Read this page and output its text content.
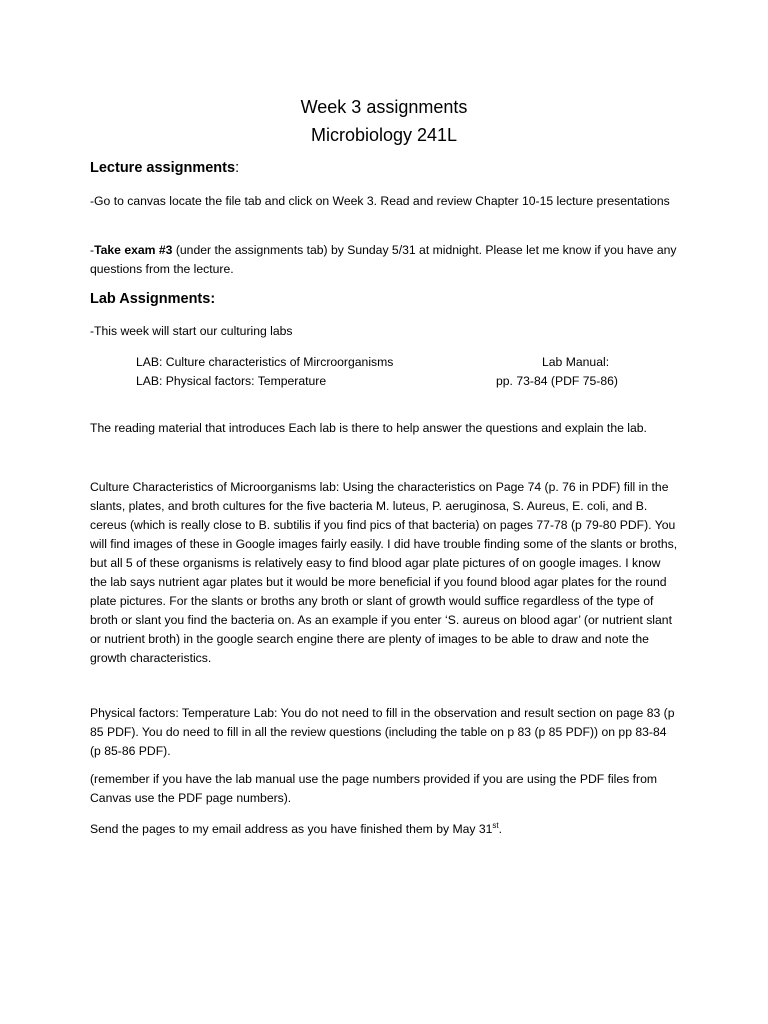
Week 3 assignments
Microbiology 241L
Lecture assignments:
-Go to canvas locate the file tab and click on Week 3. Read and review Chapter 10-15 lecture presentations
-Take exam #3 (under the assignments tab) by Sunday 5/31 at midnight. Please let me know if you have any questions from the lecture.
Lab Assignments:
-This week will start our culturing labs
LAB: Culture characteristics of Mircroorganisms	Lab Manual:
LAB: Physical factors: Temperature	pp. 73-84 (PDF 75-86)
The reading material that introduces Each lab is there to help answer the questions and explain the lab.
Culture Characteristics of Microorganisms lab: Using the characteristics on Page 74 (p. 76 in PDF) fill in the slants, plates, and broth cultures for the five bacteria M. luteus, P. aeruginosa, S. Aureus, E. coli, and B. cereus (which is really close to B. subtilis if you find pics of that bacteria) on pages 77-78 (p 79-80 PDF). You will find images of these in Google images fairly easily. I did have trouble finding some of the slants or broths, but all 5 of these organisms is relatively easy to find blood agar plate pictures of on google images. I know the lab says nutrient agar plates but it would be more beneficial if you found blood agar plates for the round plate pictures. For the slants or broths any broth or slant of growth would suffice regardless of the type of broth or slant you find the bacteria on. As an example if you enter ‘S. aureus on blood agar’ (or nutrient slant or nutrient broth) in the google search engine there are plenty of images to be able to draw and note the growth characteristics.
Physical factors: Temperature Lab: You do not need to fill in the observation and result section on page 83 (p 85 PDF). You do need to fill in all the review questions (including the table on p 83 (p 85 PDF)) on pp 83-84 (p 85-86 PDF).
(remember if you have the lab manual use the page numbers provided if you are using the PDF files from Canvas use the PDF page numbers).
Send the pages to my email address as you have finished them by May 31st.
